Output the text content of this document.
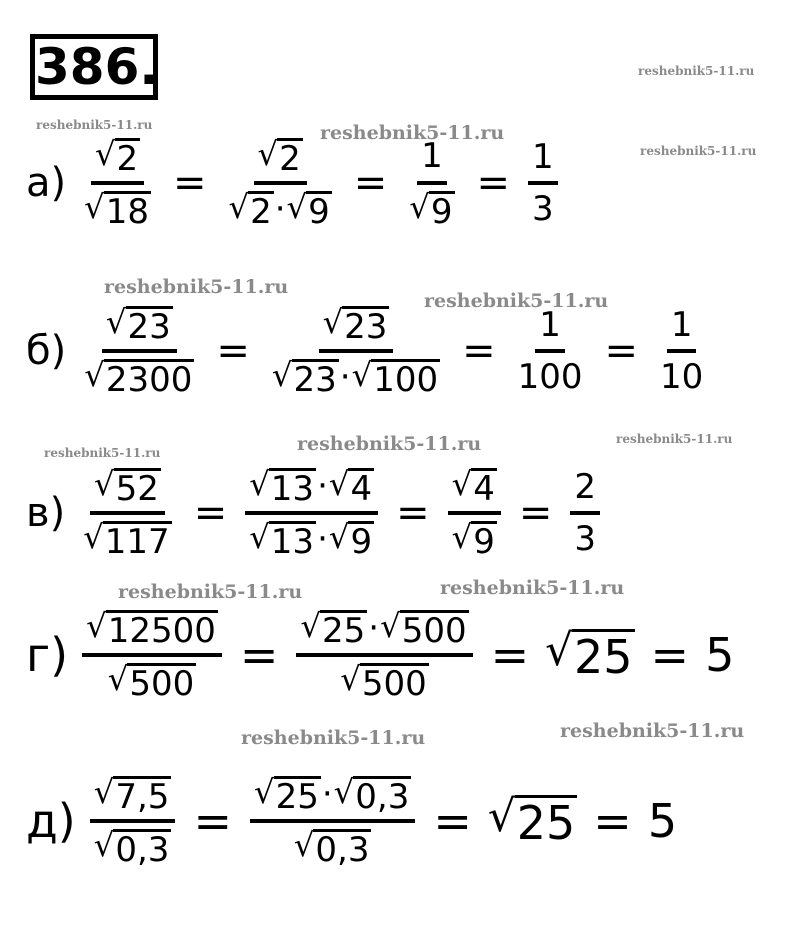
386.	reshebnik5-11.ru
reshebnik5-11.ru	reshebnik5-11.ru
reshebnik5-11.ru
reshebnik5-11.ru
reshebnik5-11.ru
reshebnik5-11.ru	reshebnik5-11.ru	reshebnik5-11.ru
reshebnik5-11.ru	reshebnik5-11.ru
reshebnik5-11.ru	reshebnik5-11.ru
$а) \frac{√ 2}{√ 18} = \frac{√ 2}{√ 2 \cdot √ 9} = \frac{1}{√ 9} = \frac{1}{3}$
$б) \frac{√ 23}{√ 2300} = \frac{√ 23}{√ 23 \cdot √ 100} = \frac{1}{100} = \frac{1}{10}$
$в) \frac{√ 52}{√ 117} = \frac{√ 13 \cdot √ 4}{√ 13 \cdot √ 9} = \frac{√ 4}{√ 9} = \frac{2}{3}$
$г) \frac{√ 12500}{√ 500} = \frac{√ 25 \cdot √ 500}{√ 500}$ = √ 25 = 5
$д) \frac{√ 7,5}{√ 0,3} = \frac{√ 25 \cdot √ 0,3}{√ 0,3}$ = √ 25 = 5
